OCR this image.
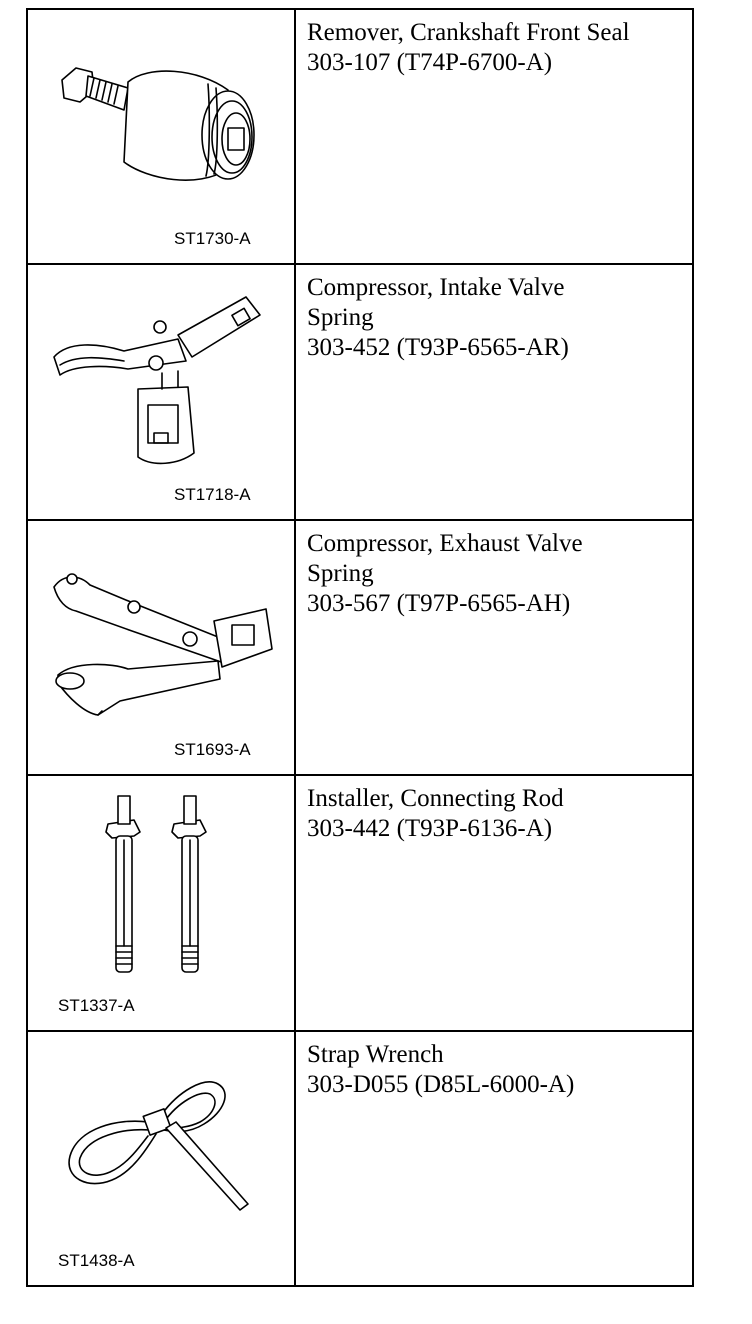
ST1730-A
Remover, Crankshaft Front Seal
303-107 (T74P-6700-A)
ST1718-A
Compressor, Intake Valve
Spring
303-452 (T93P-6565-AR)
ST1693-A
Compressor, Exhaust Valve
Spring
303-567 (T97P-6565-AH)
ST1337-A
Installer, Connecting Rod
303-442 (T93P-6136-A)
ST1438-A
Strap Wrench
303-D055 (D85L-6000-A)
